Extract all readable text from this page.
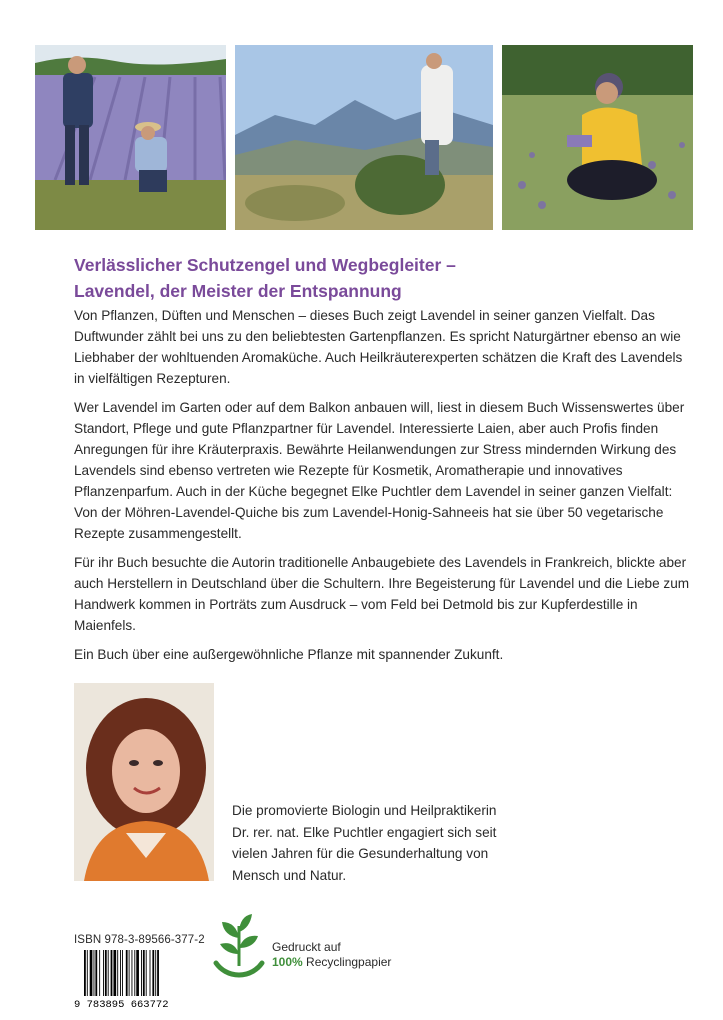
Verlässlicher Schutzengel und Wegbegleiter –
Lavendel, der Meister der Entspannung

Von Pflanzen, Düften und Menschen – dieses Buch zeigt Lavendel in seiner ganzen Vielfalt. Das Duftwunder zählt bei uns zu den beliebtesten Gartenpflanzen. Es spricht Naturgärtner ebenso an wie Liebhaber der wohltuenden Aromaküche. Auch Heilkräuterexperten schätzen die Kraft des Lavendels in vielfältigen Rezepturen.

Wer Lavendel im Garten oder auf dem Balkon anbauen will, liest in diesem Buch Wissenswertes über Standort, Pflege und gute Pflanzpartner für Lavendel. Interessierte Laien, aber auch Profis finden Anregungen für ihre Kräuterpraxis. Bewährte Heilanwendungen zur Stress mindernden Wirkung des Lavendels sind ebenso vertreten wie Rezepte für Kosmetik, Aromatherapie und innovatives Pflanzenparfum. Auch in der Küche begegnet Elke Puchtler dem Lavendel in seiner ganzen Vielfalt: Von der Möhren-Lavendel-Quiche bis zum Lavendel-Honig-Sahneeis hat sie über 50 vegetarische Rezepte zusammengestellt.

Für ihr Buch besuchte die Autorin traditionelle Anbaugebiete des Lavendels in Frankreich, blickte aber auch Herstellern in Deutschland über die Schultern. Ihre Begeisterung für Lavendel und die Liebe zum Handwerk kommen in Porträts zum Ausdruck – vom Feld bei Detmold bis zur Kupferdestille in Maienfels.

Ein Buch über eine außergewöhnliche Pflanze mit spannender Zukunft.

Die promovierte Biologin und Heilpraktikerin
Dr. rer. nat. Elke Puchtler engagiert sich seit
vielen Jahren für die Gesunderhaltung von
Mensch und Natur.
ISBN 978-3-89566-377-2
9 783895 663772
Gedruckt auf
100% Recyclingpapier
